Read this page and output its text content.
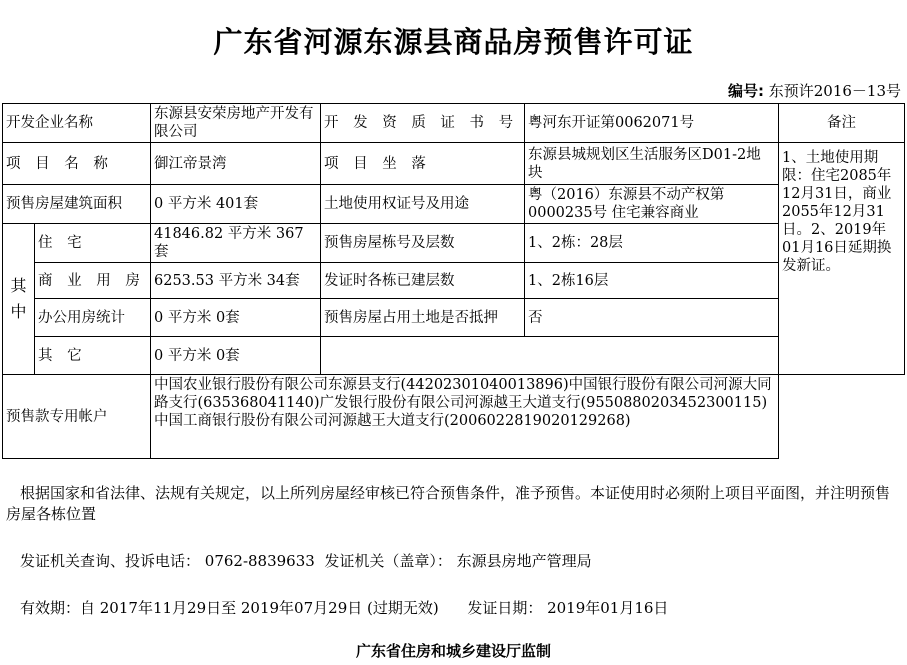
广东省河源东源县商品房预售许可证
编号: 东预许2016－13号
开发企业名称		东源县安荣房地产开发有限公司	开 发 资 质 证 书 号	粤河东开证第0062071号	备注
项 目 名 称		御江帝景湾	项 目 坐 落	东源县城规划区生活服务区D01-2地块	1、土地使用期限：住宅2085年12月31日，商业2055年12月31日。2、2019年01月16日延期换发新证。
预售房屋建筑面积		0 平方米 401套	土地使用权证号及用途	粤（2016）东源县不动产权第0000235号 住宅兼容商业	
其中	住 宅	41846.82 平方米 367套	预售房屋栋号及层数	1、2栋：28层	
	商 业 用 房	6253.53 平方米 34套	发证时各栋已建层数	1、2栋16层	
	办公用房统计	0 平方米 0套	预售房屋占用土地是否抵押	否	
	其 它	0 平方米 0套			
预售款专用帐户		中国农业银行股份有限公司东源县支行(44202301040013896)中国银行股份有限公司河源大同路支行(635368041140)广发银行股份有限公司河源越王大道支行(9550880203452300115)中国工商银行股份有限公司河源越王大道支行(2006022819020129268)			
根据国家和省法律、法规有关规定，以上所列房屋经审核已符合预售条件，准予预售。本证使用时必须附上项目平面图，并注明预售房屋各栋位置
发证机关查询、投诉电话： 0762-8839633  发证机关（盖章）： 东源县房地产管理局
有效期：自 2017年11月29日至 2019年07月29日 (过期无效)      发证日期： 2019年01月16日
广东省住房和城乡建设厅监制
